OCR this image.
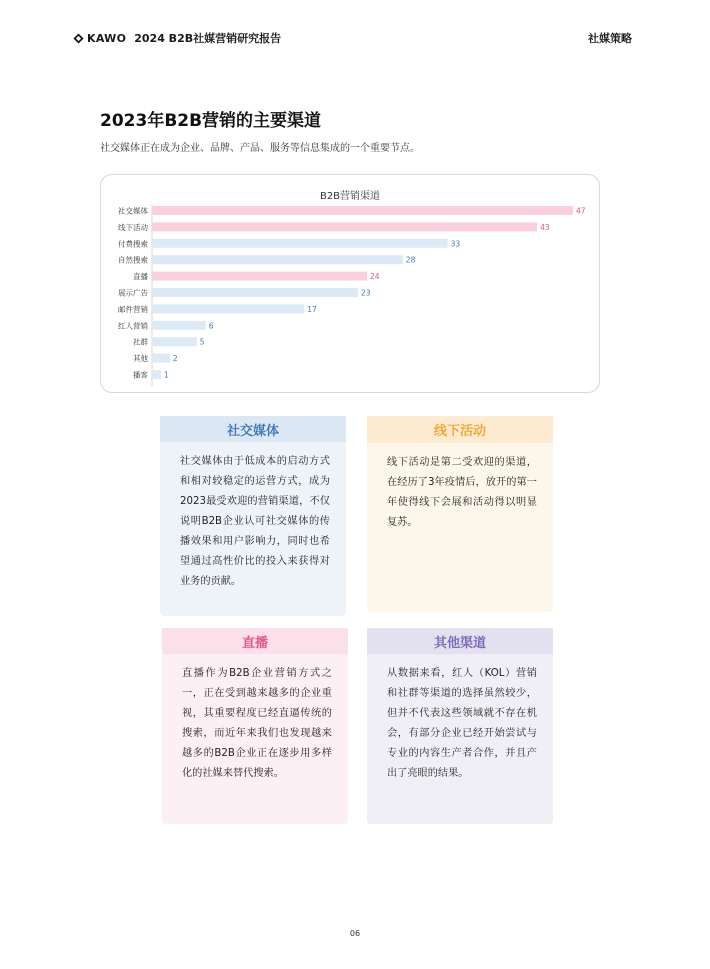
KAWO 2024 B2B社媒营销研究报告	社媒策略
2023年B2B营销的主要渠道
社交媒体正在成为企业、品牌、产品、服务等信息集成的一个重要节点。
B2B营销渠道
社交媒体	47
线下活动	43
付费搜索	33
自然搜索	28
直播	24
展示广告	23
邮件营销	17
红人营销	6
社群	5
其他	2
播客 1
社交媒体
社交媒体由于低成本的启动方式和相对较稳定的运营方式，成为2023最受欢迎的营销渠道，不仅说明B2B企业认可社交媒体的传播效果和用户影响力，同时也希望通过高性价比的投入来获得对业务的贡献。
线下活动
线下活动是第二受欢迎的渠道，在经历了3年疫情后，放开的第一年使得线下会展和活动得以明显复苏。
直播
直播作为B2B企业营销方式之一，正在受到越来越多的企业重视，其重要程度已经直逼传统的搜索，而近年来我们也发现越来越多的B2B企业正在逐步用多样化的社媒来替代搜索。
其他渠道
从数据来看，红人（KOL）营销和社群等渠道的选择虽然较少，但并不代表这些领域就不存在机会，有部分企业已经开始尝试与专业的内容生产者合作，并且产出了亮眼的结果。
06
